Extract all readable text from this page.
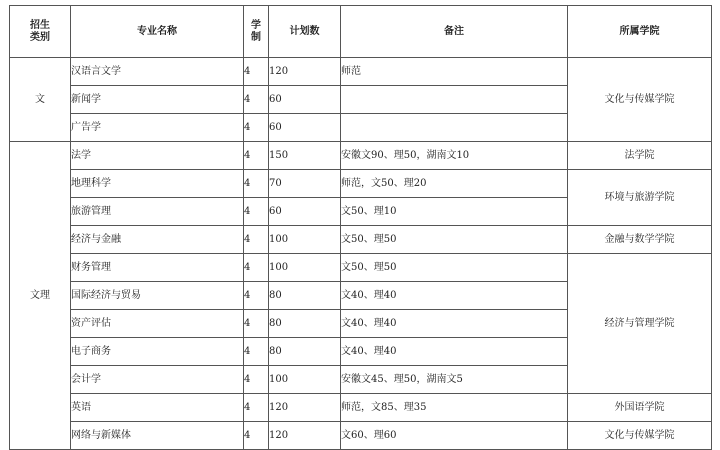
招生
类别	专业名称	学
制	计划数	备注	所属学院
文	汉语言文学	4	120	师范	文化与传媒学院
	新闻学	4	60		
	广告学	4	60		
文理	法学	4	150	安徽文90、理50，湖南文10	法学院
	地理科学	4	70	师范，文50、理20	环境与旅游学院
	旅游管理	4	60	文50、理10	
	经济与金融	4	100	文50、理50	金融与数学学院
	财务管理	4	100	文50、理50	经济与管理学院
	国际经济与贸易	4	80	文40、理40	
	资产评估	4	80	文40、理40	
	电子商务	4	80	文40、理40	
	会计学	4	100	安徽文45、理50，湖南文5	
	英语	4	120	师范，文85、理35	外国语学院
	网络与新媒体	4	120	文60、理60	文化与传媒学院
